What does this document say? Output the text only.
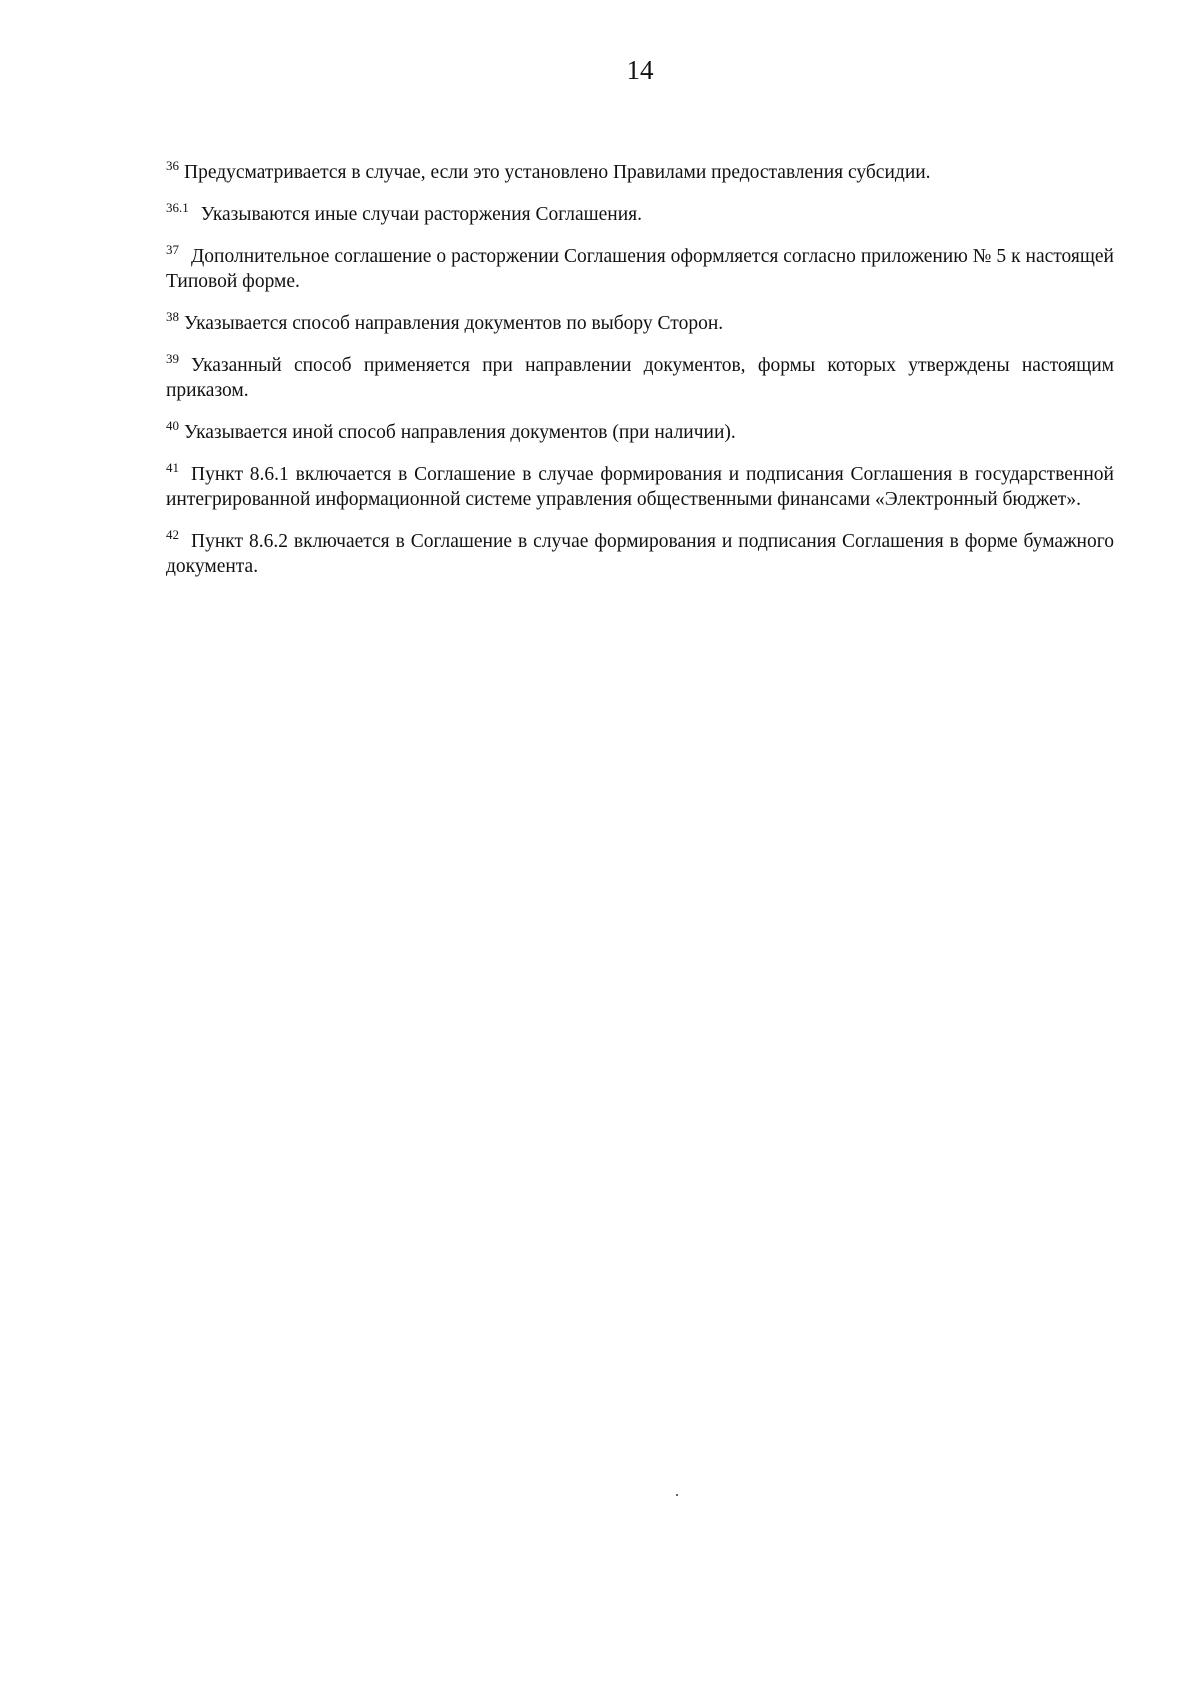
14

$^{36}$ Предусматривается в случае, если это установлено Правилами предоставления субсидии.

$^{36.1}$ Указываются иные случаи расторжения Соглашения.

$^{37}$ Дополнительное соглашение о расторжении Соглашения оформляется согласно приложению № 5 к настоящей Типовой форме.

$^{38}$ Указывается способ направления документов по выбору Сторон.

$^{39}$ Указанный способ применяется при направлении документов, формы которых утверждены настоящим приказом.

$^{40}$ Указывается иной способ направления документов (при наличии).

$^{41}$ Пункт 8.6.1 включается в Соглашение в случае формирования и подписания Соглашения в государственной интегрированной информационной системе управления общественными финансами «Электронный бюджет».

$^{42}$ Пункт 8.6.2 включается в Соглашение в случае формирования и подписания Соглашения в форме бумажного документа.
